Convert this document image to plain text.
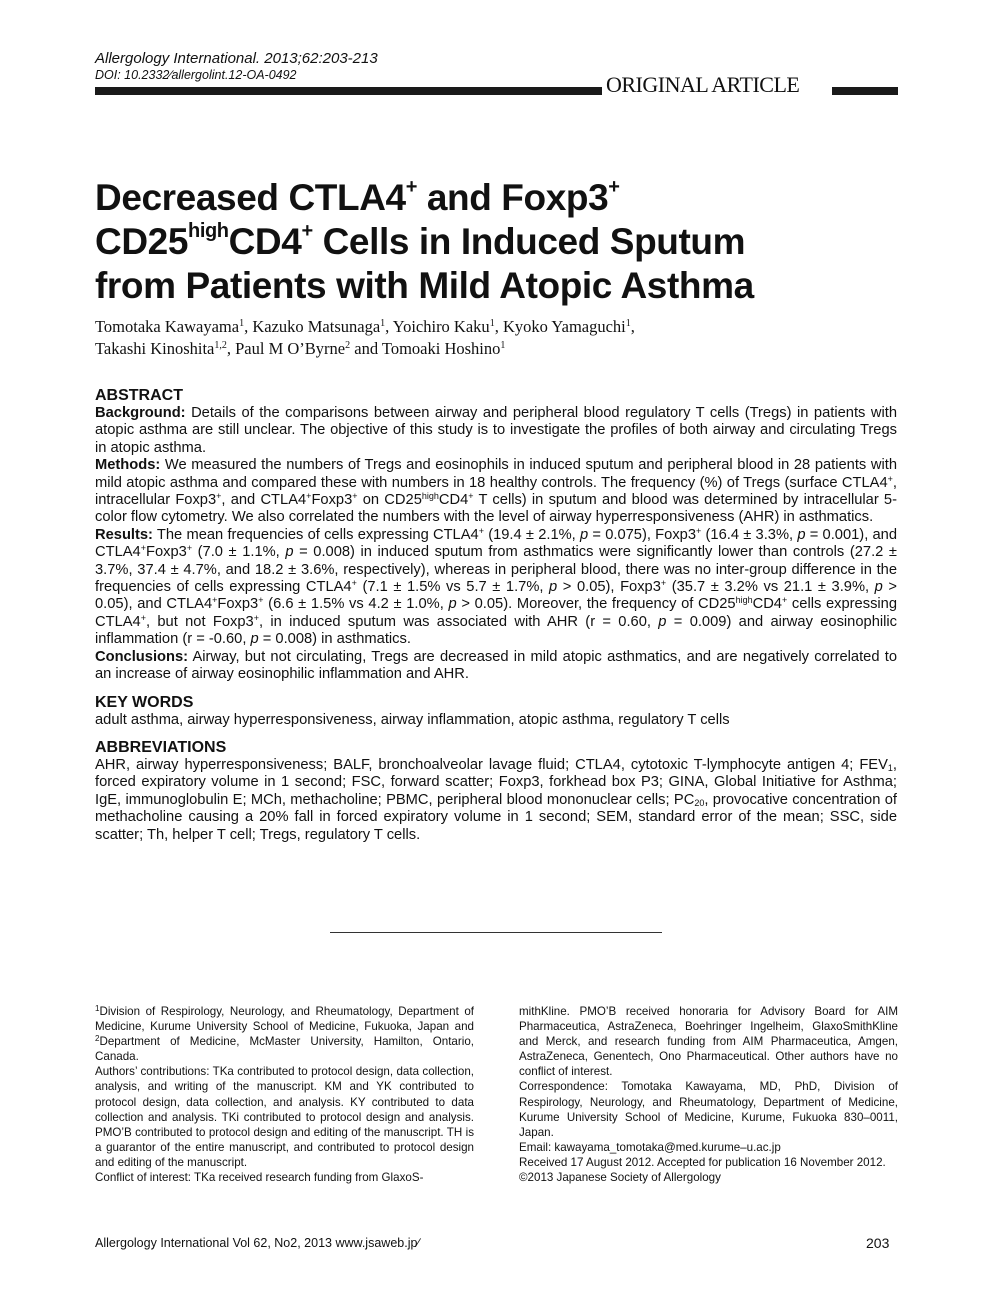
Allergology International. 2013;62:203-213
DOI: 10.2332∕allergolint.12-OA-0492	ORIGINAL ARTICLE
Decreased CTLA4+ and Foxp3+
$CD25^{high}CD4^+$ Cells in Induced Sputum
from Patients with Mild Atopic Asthma
Tomotaka Kawayama$^1$, Kazuko Matsunaga$^1$, Yoichiro Kaku$^1$, Kyoko Yamaguchi$^1$,
Takashi Kinoshita$^{1,2}$, Paul M O’Byrne$^2$ and Tomoaki Hoshino$^1$
ABSTRACT

Background: Details of the comparisons between airway and peripheral blood regulatory T cells (Tregs) in patients with atopic asthma are still unclear. The objective of this study is to investigate the profiles of both airway and circulating Tregs in atopic asthma.

Methods: We measured the numbers of Tregs and eosinophils in induced sputum and peripheral blood in 28 patients with mild atopic asthma and compared these with numbers in 18 healthy controls. The frequency (%) of Tregs (surface CTLA4+, intracellular Foxp3+, and CTLA4+Foxp3+ on $CD25^{high}CD4^+$ T cells) in sputum and blood was determined by intracellular 5-color flow cytometry. We also correlated the numbers with the level of airway hyperresponsiveness (AHR) in asthmatics.

Results: The mean frequencies of cells expressing CTLA4+ (19.4 ± 2.1%, p = 0.075), Foxp3+ (16.4 ± 3.3%, p = 0.001), and CTLA4+Foxp3+ (7.0 ± 1.1%, p = 0.008) in induced sputum from asthmatics were significantly lower than controls (27.2 ± 3.7%, 37.4 ± 4.7%, and 18.2 ± 3.6%, respectively), whereas in peripheral blood, there was no inter-group difference in the frequencies of cells expressing CTLA4+ (7.1 ± 1.5% vs 5.7 ± 1.7%, p > 0.05), Foxp3+ (35.7 ± 3.2% vs 21.1 ± 3.9%, p > 0.05), and CTLA4+Foxp3+ (6.6 ± 1.5% vs 4.2 ± 1.0%, p > 0.05). Moreover, the frequency of $CD25^{high}CD4^+$ cells expressing CTLA4+, but not Foxp3+, in induced sputum was associated with AHR (r = 0.60, p = 0.009) and airway eosinophilic inflammation (r = -0.60, p = 0.008) in asthmatics.

Conclusions: Airway, but not circulating, Tregs are decreased in mild atopic asthmatics, and are negatively correlated to an increase of airway eosinophilic inflammation and AHR.

KEY WORDS

adult asthma, airway hyperresponsiveness, airway inflammation, atopic asthma, regulatory T cells

ABBREVIATIONS

AHR, airway hyperresponsiveness; BALF, bronchoalveolar lavage fluid; CTLA4, cytotoxic T-lymphocyte antigen 4; $FEV_1$, forced expiratory volume in 1 second; FSC, forward scatter; Foxp3, forkhead box P3; GINA, Global Initiative for Asthma; IgE, immunoglobulin E; MCh, methacholine; PBMC, peripheral blood mononuclear cells; $PC_{20}$, provocative concentration of methacholine causing a 20% fall in forced expiratory volume in 1 second; SEM, standard error of the mean; SSC, side scatter; Th, helper T cell; Tregs, regulatory T cells.

$^1$Division of Respirology, Neurology, and Rheumatology, Department of Medicine, Kurume University School of Medicine, Fukuoka, Japan and $^2$Department of Medicine, McMaster University, Hamilton, Ontario, Canada.

Authors’ contributions: TKa contributed to protocol design, data collection, analysis, and writing of the manuscript. KM and YK contributed to protocol design, data collection, and analysis. KY contributed to data collection and analysis. TKi contributed to protocol design and analysis. PMO’B contributed to protocol design and editing of the manuscript. TH is a guarantor of the entire manuscript, and contributed to protocol design and editing of the manuscript.

Conflict of interest: TKa received research funding from GlaxoS-

mithKline. PMO’B received honoraria for Advisory Board for AIM Pharmaceutica, AstraZeneca, Boehringer Ingelheim, GlaxoSmithKline and Merck, and research funding from AIM Pharmaceutica, Amgen, AstraZeneca, Genentech, Ono Pharmaceutical. Other authors have no conflict of interest.

Correspondence: Tomotaka Kawayama, MD, PhD, Division of Respirology, Neurology, and Rheumatology, Department of Medicine, Kurume University School of Medicine, Kurume, Fukuoka 830–0011, Japan.

Email: kawayama_tomotaka@med.kurume–u.ac.jp

Received 17 August 2012. Accepted for publication 16 November 2012.

©2013 Japanese Society of Allergology

Allergology International Vol 62, No2, 2013 www.jsaweb.jp∕	203
